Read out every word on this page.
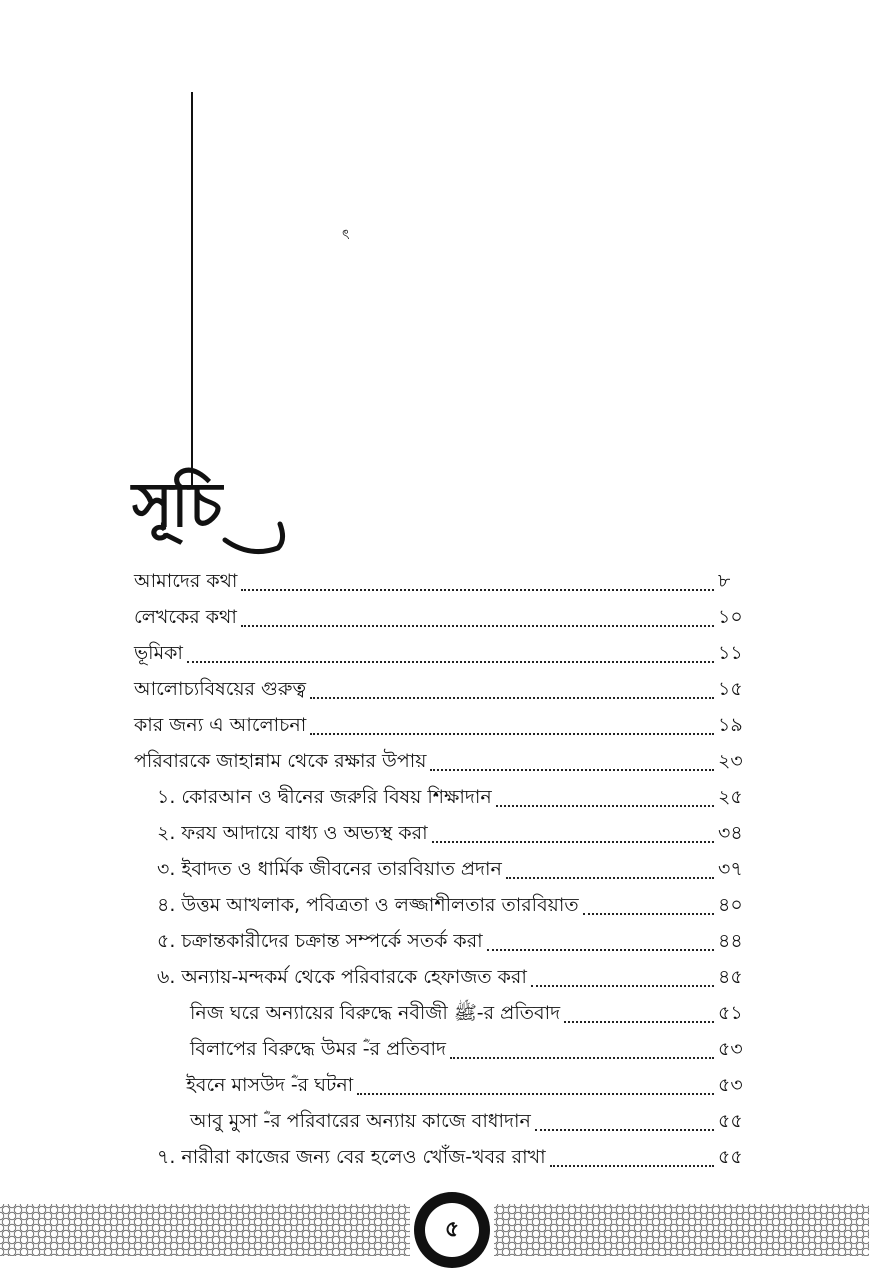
ৎ
সূচি
আমাদের কথা	৮
লেখকের কথা	১০
ভূমিকা	১১
আলোচ্যবিষয়ের গুরুত্ব	১৫
কার জন্য এ আলোচনা	১৯
পরিবারকে জাহান্নাম থেকে রক্ষার উপায়	২৩
১. কোরআন ও দ্বীনের জরুরি বিষয় শিক্ষাদান	২৫
২. ফরয আদায়ে বাধ্য ও অভ্যস্থ করা	৩৪
৩. ইবাদত ও ধার্মিক জীবনের তারবিয়াত প্রদান	৩৭
৪. উত্তম আখলাক, পবিত্রতা ও লজ্জাশীলতার তারবিয়াত	৪০
৫. চক্রান্তকারীদের চক্রান্ত সম্পর্কে সতর্ক করা	৪৪
৬. অন্যায়-মন্দকর্ম থেকে পরিবারকে হেফাজত করা	৪৫
নিজ ঘরে অন্যায়ের বিরুদ্ধে নবীজী ﷺ-র প্রতিবাদ	৫১
বিলাপের বিরুদ্ধে উমর ؓ-র প্রতিবাদ	৫৩
ইবনে মাসউদ ؓ-র ঘটনা	৫৩
আবু মুসা ؓ-র পরিবারের অন্যায় কাজে বাধাদান	৫৫
৭. নারীরা কাজের জন্য বের হলেও খোঁজ-খবর রাখা	৫৫
৫
